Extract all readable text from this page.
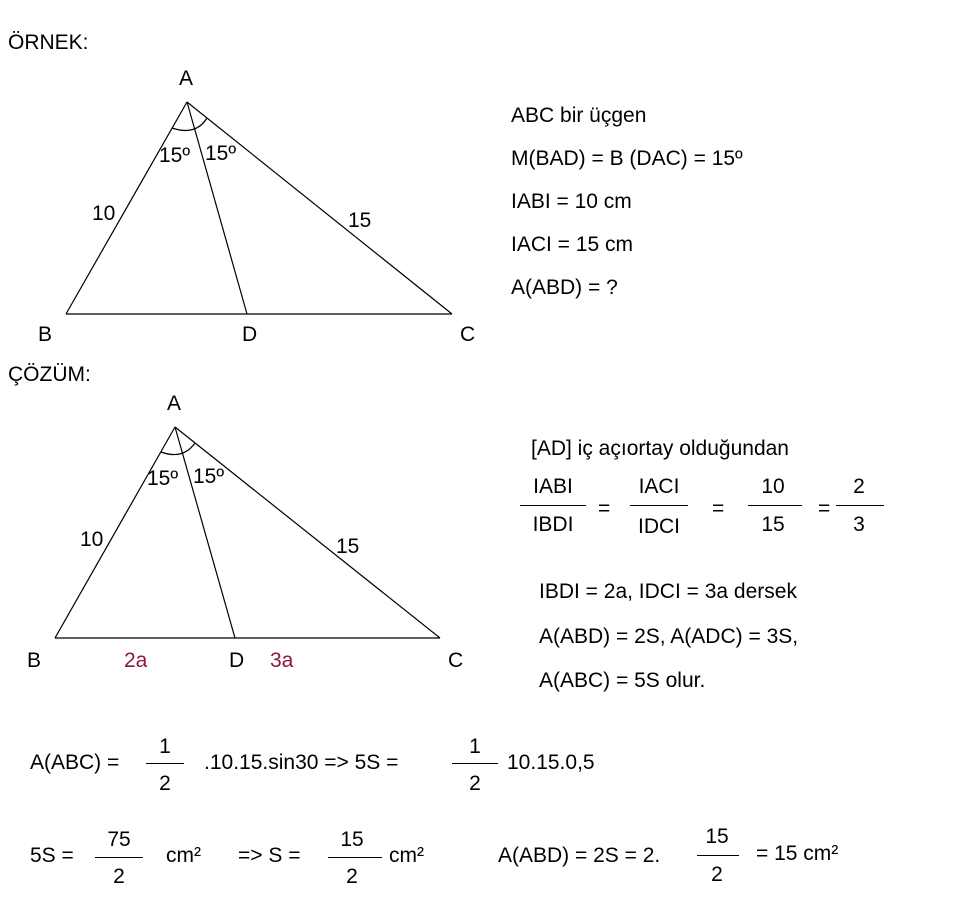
ÖRNEK:
A
15º 15º
10	15
B	D	C
ABC bir üçgen
M(BAD) = B (DAC) = 15º
IABI = 10 cm
IACI = 15 cm
A(ABD) = ?
ÇÖZÜM:
A
15º 15º
10	15
B	2a	D 3a	C
[AD] iç açıortay olduğundan
IABI
IBDI
=
IACI
IDCI
=
10
15
=
2
3
IBDI = 2a, IDCI = 3a dersek
A(ABD) = 2S, A(ADC) = 3S,
A(ABC) = 5S olur.
A(ABC) =
1
2
.10.15.sin30 => 5S =
1
2
10.15.0,5
5S =
75
2
cm² => S =
15
2
cm²	A(ABD) = 2S = 2.
15
2
= 15 cm²
